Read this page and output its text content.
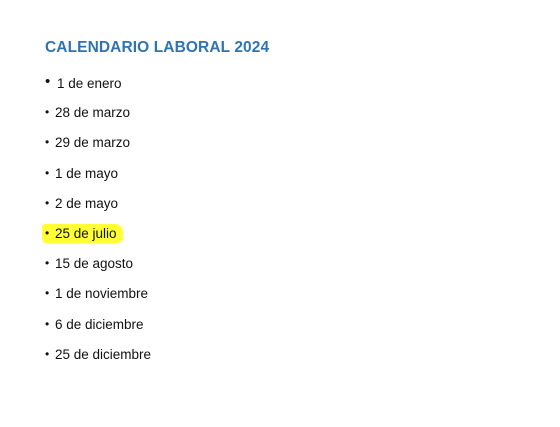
CALENDARIO LABORAL 2024
• 1 de enero
• 28 de marzo
• 29 de marzo
• 1 de mayo
• 2 de mayo
• 25 de julio
• 15 de agosto
• 1 de noviembre
• 6 de diciembre
• 25 de diciembre
